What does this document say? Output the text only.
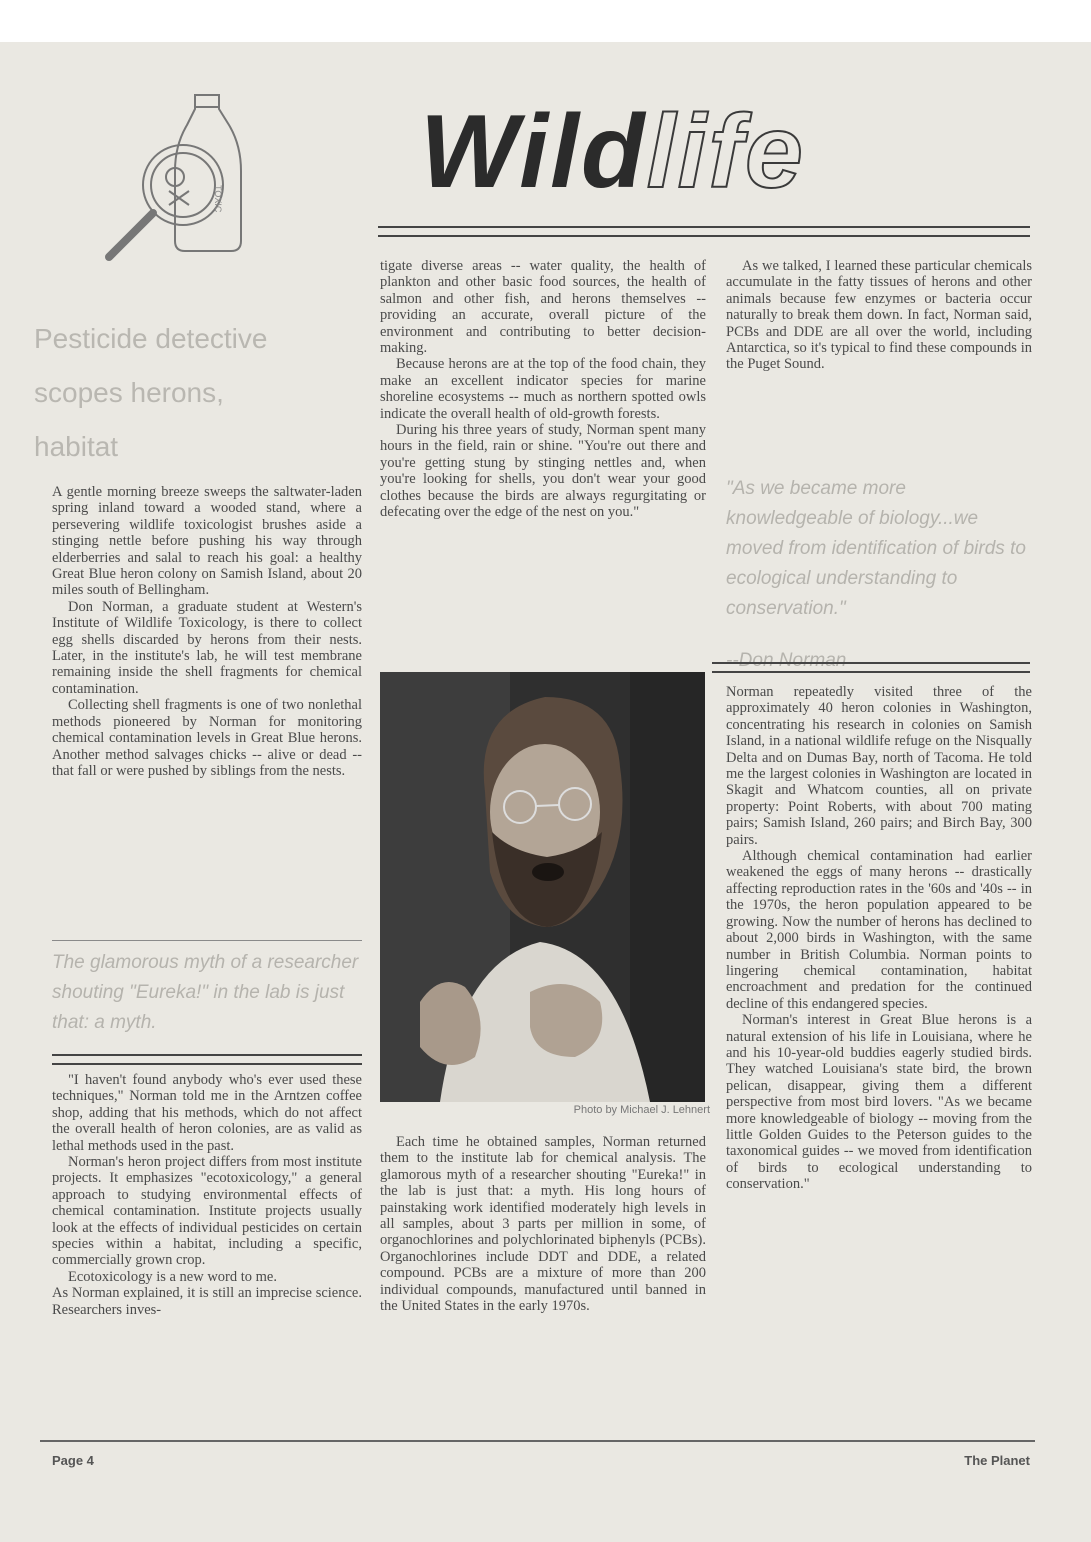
TOXIC Wildlife
Pesticide detective
scopes herons,
habitat

A gentle morning breeze sweeps the saltwater-laden spring inland toward a wooded stand, where a persevering wildlife toxicologist brushes aside a stinging nettle before pushing his way through elderberries and salal to reach his goal: a healthy Great Blue heron colony on Samish Island, about 20 miles south of Bellingham.

Don Norman, a graduate student at Western's Institute of Wildlife Toxicology, is there to collect egg shells discarded by herons from their nests. Later, in the institute's lab, he will test membrane remaining inside the shell fragments for chemical contamination.

Collecting shell fragments is one of two nonlethal methods pioneered by Norman for monitoring chemical contamination levels in Great Blue herons. Another method salvages chicks -- alive or dead -- that fall or were pushed by siblings from the nests.

The glamorous myth of a researcher shouting "Eureka!" in the lab is just that: a myth.

"I haven't found anybody who's ever used these techniques," Norman told me in the Arntzen coffee shop, adding that his methods, which do not affect the overall health of heron colonies, are as valid as lethal methods used in the past.

Norman's heron project differs from most institute projects. It emphasizes "ecotoxicology," a general approach to studying environmental effects of chemical contamination. Institute projects usually look at the effects of individual pesticides on certain species within a habitat, including a specific, commercially grown crop.

Ecotoxicology is a new word to me.

As Norman explained, it is still an imprecise science. Researchers inves-

tigate diverse areas -- water quality, the health of plankton and other basic food sources, the health of salmon and other fish, and herons themselves -- providing an accurate, overall picture of the environment and contributing to better decision-making.

Because herons are at the top of the food chain, they make an excellent indicator species for marine shoreline ecosystems -- much as northern spotted owls indicate the overall health of old-growth forests.

During his three years of study, Norman spent many hours in the field, rain or shine. "You're out there and you're getting stung by stinging nettles and, when you're looking for shells, you don't wear your good clothes because the birds are always regurgitating or defecating over the edge of the nest on you."

Photo by Michael J. Lehnert

Each time he obtained samples, Norman returned them to the institute lab for chemical analysis. The glamorous myth of a researcher shouting "Eureka!" in the lab is just that: a myth. His long hours of painstaking work identified moderately high levels in all samples, about 3 parts per million in some, of organochlorines and polychlorinated biphenyls (PCBs). Organochlorines include DDT and DDE, a related compound. PCBs are a mixture of more than 200 individual compounds, manufactured until banned in the United States in the early 1970s.

As we talked, I learned these particular chemicals accumulate in the fatty tissues of herons and other animals because few enzymes or bacteria occur naturally to break them down. In fact, Norman said, PCBs and DDE are all over the world, including Antarctica, so it's typical to find these compounds in the Puget Sound.

"As we became more knowledgeable of biology...we moved from identification of birds to ecological understanding to conservation."

--Don Norman

Norman repeatedly visited three of the approximately 40 heron colonies in Washington, concentrating his research in colonies on Samish Island, in a national wildlife refuge on the Nisqually Delta and on Dumas Bay, north of Tacoma. He told me the largest colonies in Washington are located in Skagit and Whatcom counties, all on private property: Point Roberts, with about 700 mating pairs; Samish Island, 260 pairs; and Birch Bay, 300 pairs.

Although chemical contamination had earlier weakened the eggs of many herons -- drastically affecting reproduction rates in the '60s and '40s -- in the 1970s, the heron population appeared to be growing. Now the number of herons has declined to about 2,000 birds in Washington, with the same number in British Columbia. Norman points to lingering chemical contamination, habitat encroachment and predation for the continued decline of this endangered species.

Norman's interest in Great Blue herons is a natural extension of his life in Louisiana, where he and his 10-year-old buddies eagerly studied birds. They watched Louisiana's state bird, the brown pelican, disappear, giving them a different perspective from most bird lovers. "As we became more knowledgeable of biology -- moving from the little Golden Guides to the Peterson guides to the taxonomical guides -- we moved from identification of birds to ecological understanding to conservation."

Page 4	The Planet
